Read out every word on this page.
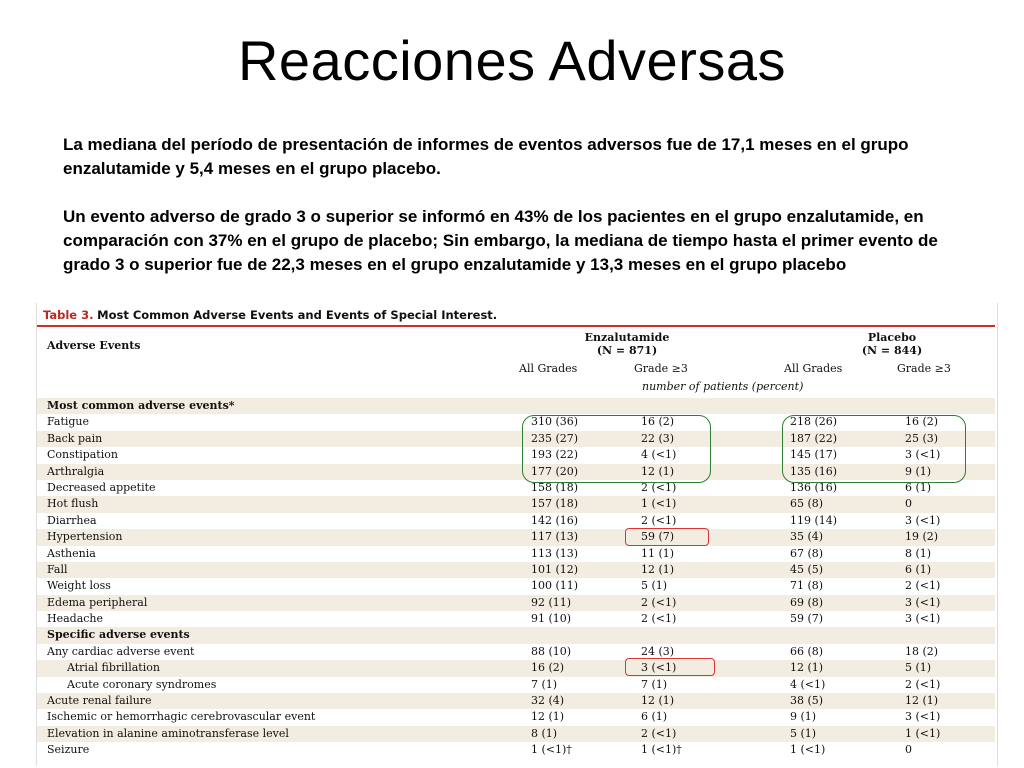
Reacciones Adversas
La mediana del período de presentación de informes de eventos adversos fue de 17,1 meses en el grupo enzalutamide y 5,4 meses en el grupo placebo.
Un evento adverso de grado 3 o superior se informó en 43% de los pacientes en el grupo enzalutamide, en comparación con 37% en el grupo de placebo; Sin embargo, la mediana de tiempo hasta el primer evento de grado 3 o superior fue de 22,3 meses en el grupo enzalutamide y 13,3 meses en el grupo placebo
Table 3. Most Common Adverse Events and Events of Special Interest.
Adverse Events
Enzalutamide
(N = 871)
Placebo
(N = 844)
All Grades	Grade ≥3	All Grades	Grade ≥3
number of patients (percent)
Most common adverse events*
Fatigue	310 (36)	16 (2)	218 (26)	16 (2)
Back pain	235 (27)	22 (3)	187 (22)	25 (3)
Constipation	193 (22)	4 (<1)	145 (17)	3 (<1)
Arthralgia	177 (20)	12 (1)	135 (16)	9 (1)
Decreased appetite	158 (18)	2 (<1)	136 (16)	6 (1)
Hot flush	157 (18)	1 (<1)	65 (8)	0
Diarrhea	142 (16)	2 (<1)	119 (14)	3 (<1)
Hypertension	117 (13)	59 (7)	35 (4)	19 (2)
Asthenia	113 (13)	11 (1)	67 (8)	8 (1)
Fall	101 (12)	12 (1)	45 (5)	6 (1)
Weight loss	100 (11)	5 (1)	71 (8)	2 (<1)
Edema peripheral	92 (11)	2 (<1)	69 (8)	3 (<1)
Headache	91 (10)	2 (<1)	59 (7)	3 (<1)
Specific adverse events
Any cardiac adverse event	88 (10)	24 (3)	66 (8)	18 (2)
Atrial fibrillation	16 (2)	3 (<1)	12 (1)	5 (1)
Acute coronary syndromes	7 (1)	7 (1)	4 (<1)	2 (<1)
Acute renal failure	32 (4)	12 (1)	38 (5)	12 (1)
Ischemic or hemorrhagic cerebrovascular event	12 (1)	6 (1)	9 (1)	3 (<1)
Elevation in alanine aminotransferase level	8 (1)	2 (<1)	5 (1)	1 (<1)
Seizure	1 (<1)†	1 (<1)†	1 (<1)	0
